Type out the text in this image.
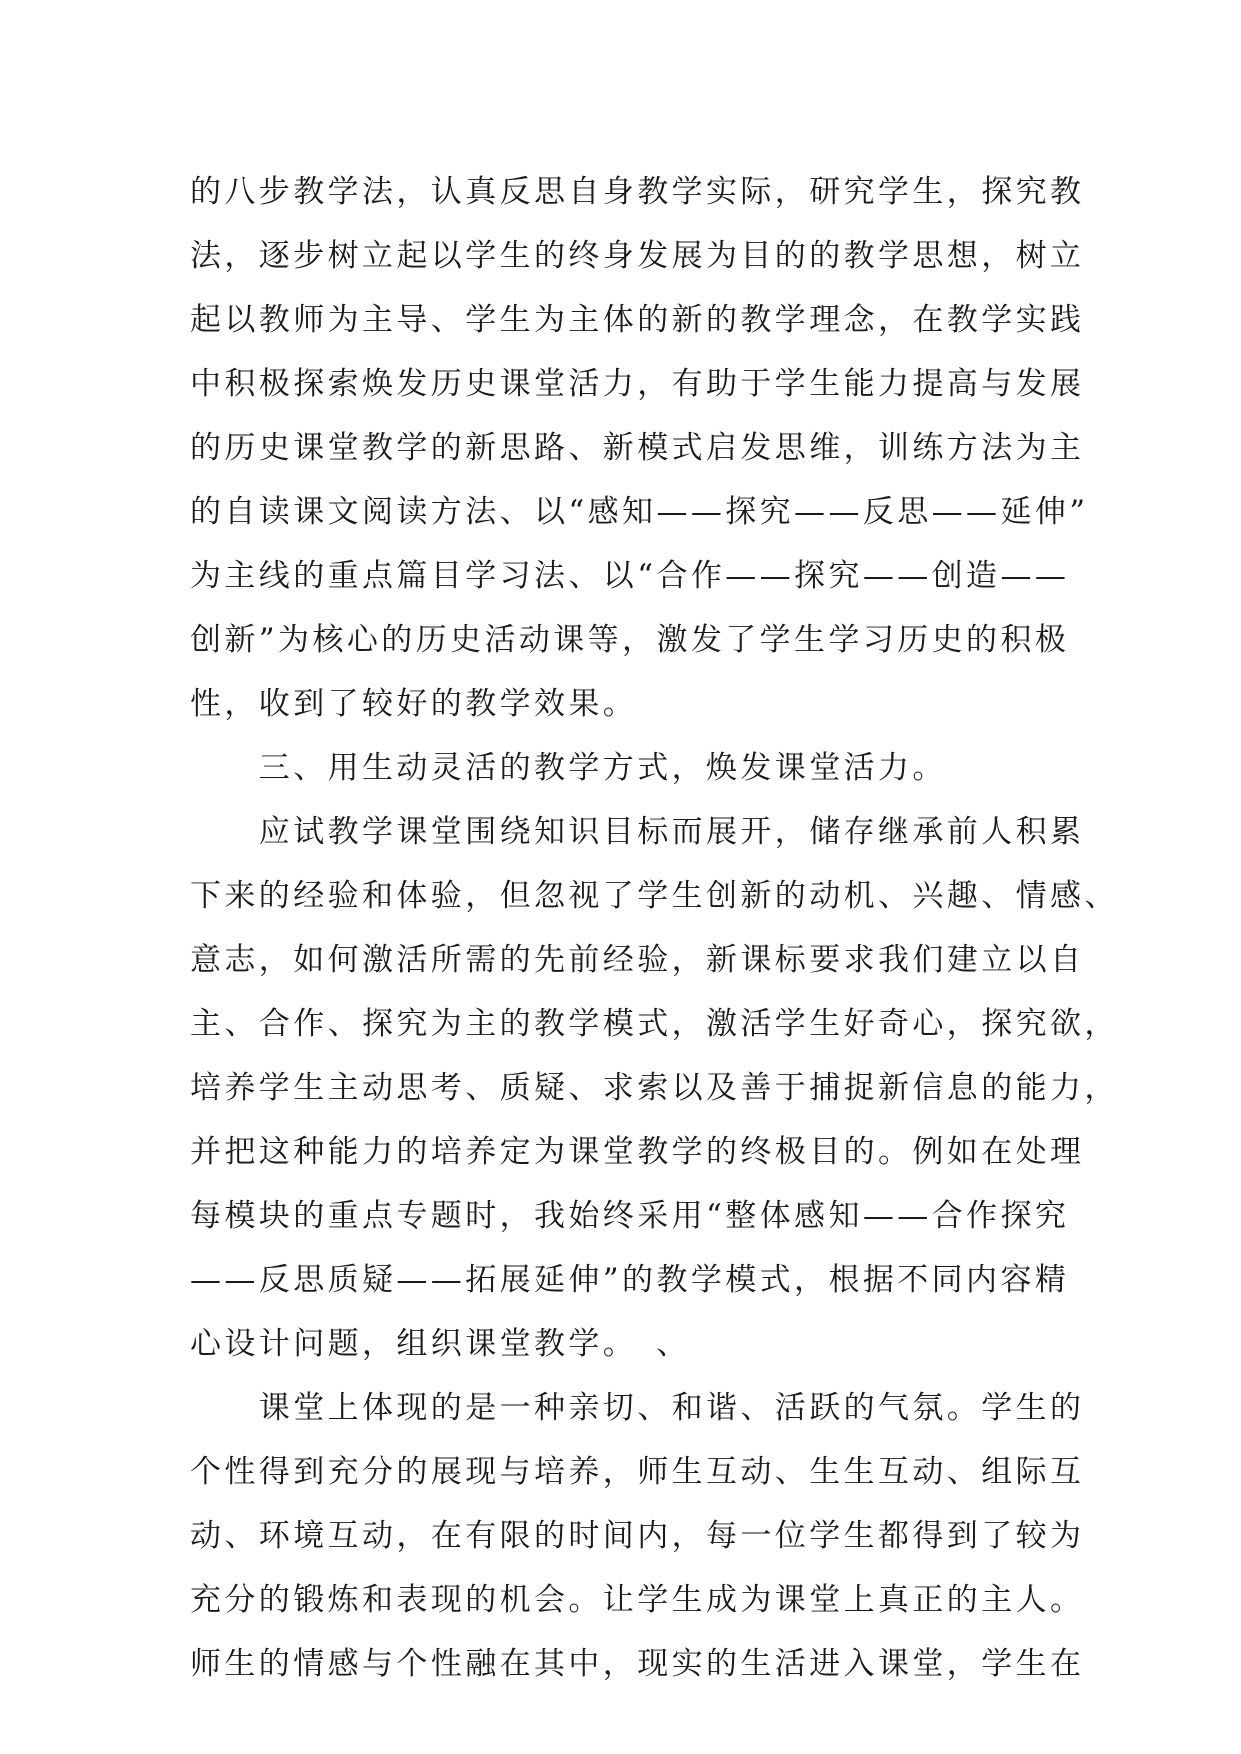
的八步教学法，认真反思自身教学实际，研究学生，探究教
法，逐步树立起以学生的终身发展为目的的教学思想，树立
起以教师为主导、学生为主体的新的教学理念，在教学实践
中积极探索焕发历史课堂活力，有助于学生能力提高与发展
的历史课堂教学的新思路、新模式启发思维，训练方法为主
的自读课文阅读方法、以“感知——探究——反思——延伸”
为主线的重点篇目学习法、以“合作——探究——创造——
创新”为核心的历史活动课等，激发了学生学习历史的积极
性，收到了较好的教学效果。
　　三、用生动灵活的教学方式，焕发课堂活力。
　　应试教学课堂围绕知识目标而展开，储存继承前人积累
下来的经验和体验，但忽视了学生创新的动机、兴趣、情感、
意志，如何激活所需的先前经验，新课标要求我们建立以自
主、合作、探究为主的教学模式，激活学生好奇心，探究欲，
培养学生主动思考、质疑、求索以及善于捕捉新信息的能力，
并把这种能力的培养定为课堂教学的终极目的。例如在处理
每模块的重点专题时，我始终采用“整体感知——合作探究
——反思质疑——拓展延伸”的教学模式，根据不同内容精
心设计问题，组织课堂教学。　、
　　课堂上体现的是一种亲切、和谐、活跃的气氛。学生的
个性得到充分的展现与培养，师生互动、生生互动、组际互
动、环境互动，在有限的时间内，每一位学生都得到了较为
充分的锻炼和表现的机会。让学生成为课堂上真正的主人。
师生的情感与个性融在其中，现实的生活进入课堂，学生在
